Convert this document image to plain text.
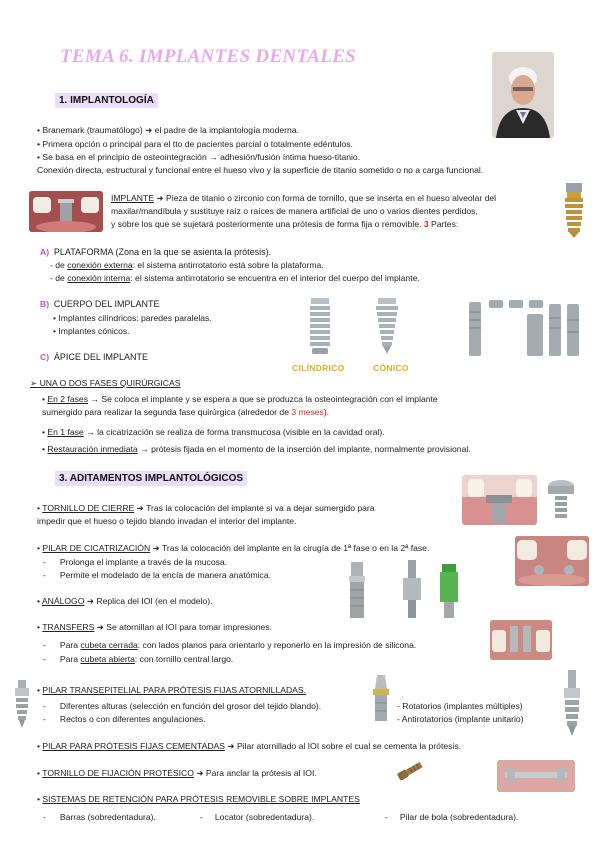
TEMA 6. IMPLANTES DENTALES
1. IMPLANTOLOGÍA
• Branemark (traumatólogo) ➜ el padre de la implantología moderna.
• Primera opción o principal para el tto de pacientes parcial o totalmente edéntulos.
• Se basa en el principio de osteointegración → adhesión/fusión íntima hueso-titanio.
Conexión directa, estructural y funcional entre el hueso vivo y la superficie de titanio sometido o no a carga funcional.
IMPLANTE ➜ Pieza de titanio o zirconio con forma de tornillo, que se inserta en el hueso alveolar del
maxilar/mandíbula y sustituye raíz o raíces de manera artificial de uno o varios dientes perdidos,
y sobre los que se sujetará posteriormente una prótesis de forma fija o removible. 3 Partes:
A) PLATAFORMA (Zona en la que se asienta la prótesis).
- de conexión externa: el sistema antirrotatorio está sobre la plataforma.
- de conexión interna: el sistema antirrotatorio se encuentra en el interior del cuerpo del implante.
B) CUERPO DEL IMPLANTE
• Implantes cilíndricos: paredes paralelas.
• Implantes cónicos.
C) ÁPICE DEL IMPLANTE
CILÍNDRICO	CÓNICO
➢ UNA O DOS FASES QUIRÚRGICAS
• En 2 fases → Se coloca el implante y se espera a que se produzca la osteointegración con el implante
sumergido para realizar la segunda fase quirúrgica (alrededor de 3 meses).
• En 1 fase → la cicatrización se realiza de forma transmucosa (visible en la cavidad oral).
• Restauración inmediata → prótesis fijada en el momento de la inserción del implante, normalmente provisional.
3. ADITAMENTOS IMPLANTOLÓGICOS
• TORNILLO DE CIERRE ➜ Tras la colocación del implante si va a dejar sumergido para
impedir que el hueso o tejido blando invadan el interior del implante.
• PILAR DE CICATRIZACIÓN ➜ Tras la colocación del implante en la cirugía de 1ª fase o en la 2ª fase.
- Prolonga el implante a través de la mucosa.
- Permite el modelado de la encía de manera anatómica.
• ANÁLOGO ➜ Replica del IOI (en el modelo).
• TRANSFERS ➜ Se atornillan al IOI para tomar impresiones.
- Para cubeta cerrada: con lados planos para orientarlo y reponerlo en la impresión de silicona.
- Para cubeta abierta: con tornillo central largo.
• PILAR TRANSEPITELIAL PARA PRÓTESIS FIJAS ATORNILLADAS.
- Diferentes alturas (selección en función del grosor del tejido blando).
- Rectos o con diferentes angulaciones.
- Rotatorios (implantes múltiples)
- Antirotatorios (implante unitario)
• PILAR PARA PRÓTESIS FIJAS CEMENTADAS ➜ Pilar atornillado al IOI sobre el cual se cementa la prótesis.
• TORNILLO DE FIJACIÓN PROTÉSICO ➜ Para anclar la prótesis al IOI.
• SISTEMAS DE RETENCIÓN PARA PRÓTESIS REMOVIBLE SOBRE IMPLANTES
- Barras (sobredentadura).	- Locator (sobredentadura).	- Pilar de bola (sobredentadura).
